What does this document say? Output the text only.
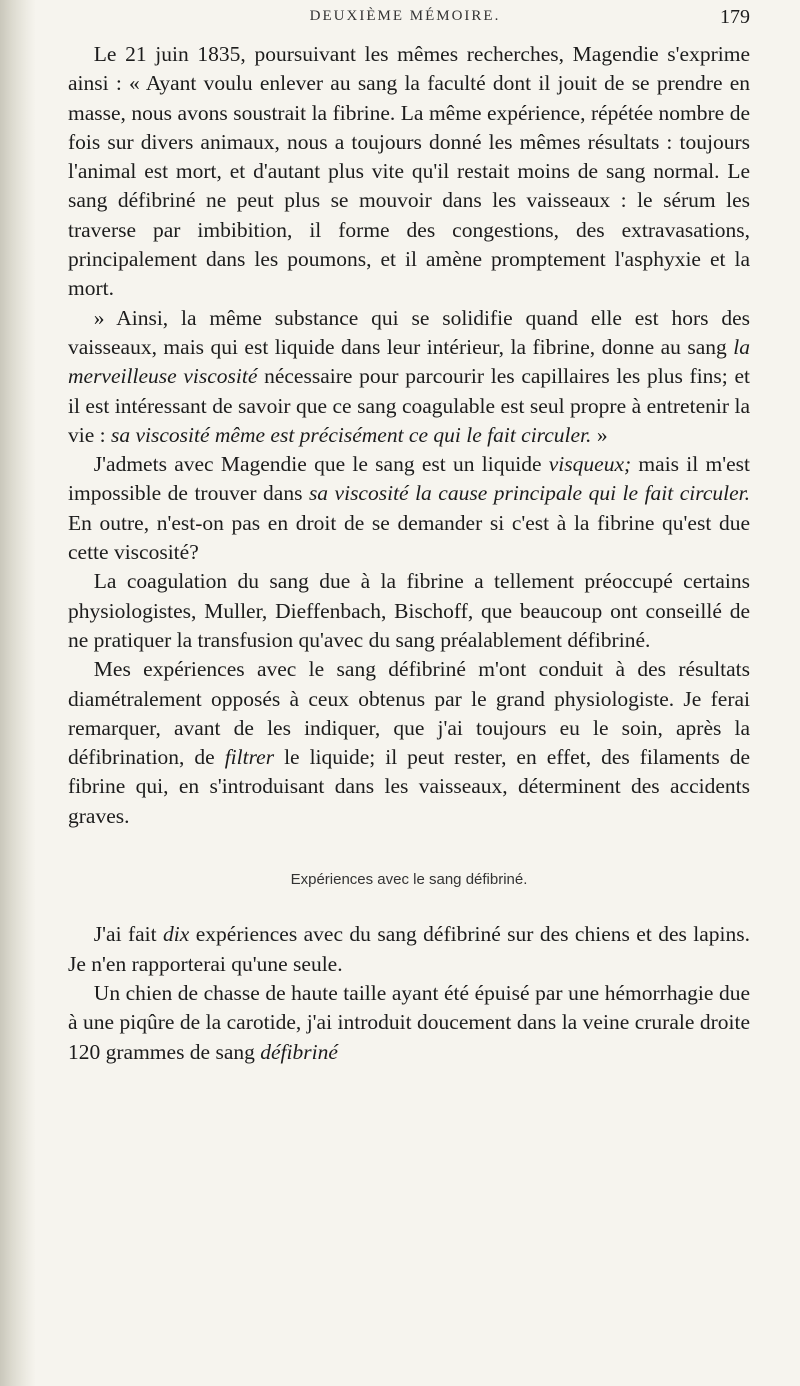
DEUXIÈME MÉMOIRE.	179

Le 21 juin 1835, poursuivant les mêmes recherches, Magendie s'exprime ainsi : « Ayant voulu enlever au sang la faculté dont il jouit de se prendre en masse, nous avons soustrait la fibrine. La même expérience, répétée nombre de fois sur divers animaux, nous a toujours donné les mêmes résultats : toujours l'animal est mort, et d'autant plus vite qu'il restait moins de sang normal. Le sang défibriné ne peut plus se mouvoir dans les vaisseaux : le sérum les traverse par imbibition, il forme des congestions, des extravasations, principalement dans les poumons, et il amène promptement l'asphyxie et la mort.

» Ainsi, la même substance qui se solidifie quand elle est hors des vaisseaux, mais qui est liquide dans leur intérieur, la fibrine, donne au sang la merveilleuse viscosité nécessaire pour parcourir les capillaires les plus fins; et il est intéressant de savoir que ce sang coagulable est seul propre à entretenir la vie : sa viscosité même est précisément ce qui le fait circuler. »

J'admets avec Magendie que le sang est un liquide visqueux; mais il m'est impossible de trouver dans sa viscosité la cause principale qui le fait circuler. En outre, n'est-on pas en droit de se demander si c'est à la fibrine qu'est due cette viscosité?

La coagulation du sang due à la fibrine a tellement préoccupé certains physiologistes, Muller, Dieffenbach, Bischoff, que beaucoup ont conseillé de ne pratiquer la transfusion qu'avec du sang préalablement défibriné.

Mes expériences avec le sang défibriné m'ont conduit à des résultats diamétralement opposés à ceux obtenus par le grand physiologiste. Je ferai remarquer, avant de les indiquer, que j'ai toujours eu le soin, après la défibrination, de filtrer le liquide; il peut rester, en effet, des filaments de fibrine qui, en s'introduisant dans les vaisseaux, déterminent des accidents graves.

Expériences avec le sang défibriné.

J'ai fait dix expériences avec du sang défibriné sur des chiens et des lapins. Je n'en rapporterai qu'une seule.

Un chien de chasse de haute taille ayant été épuisé par une hémorrhagie due à une piqûre de la carotide, j'ai introduit doucement dans la veine crurale droite 120 grammes de sang défibriné
